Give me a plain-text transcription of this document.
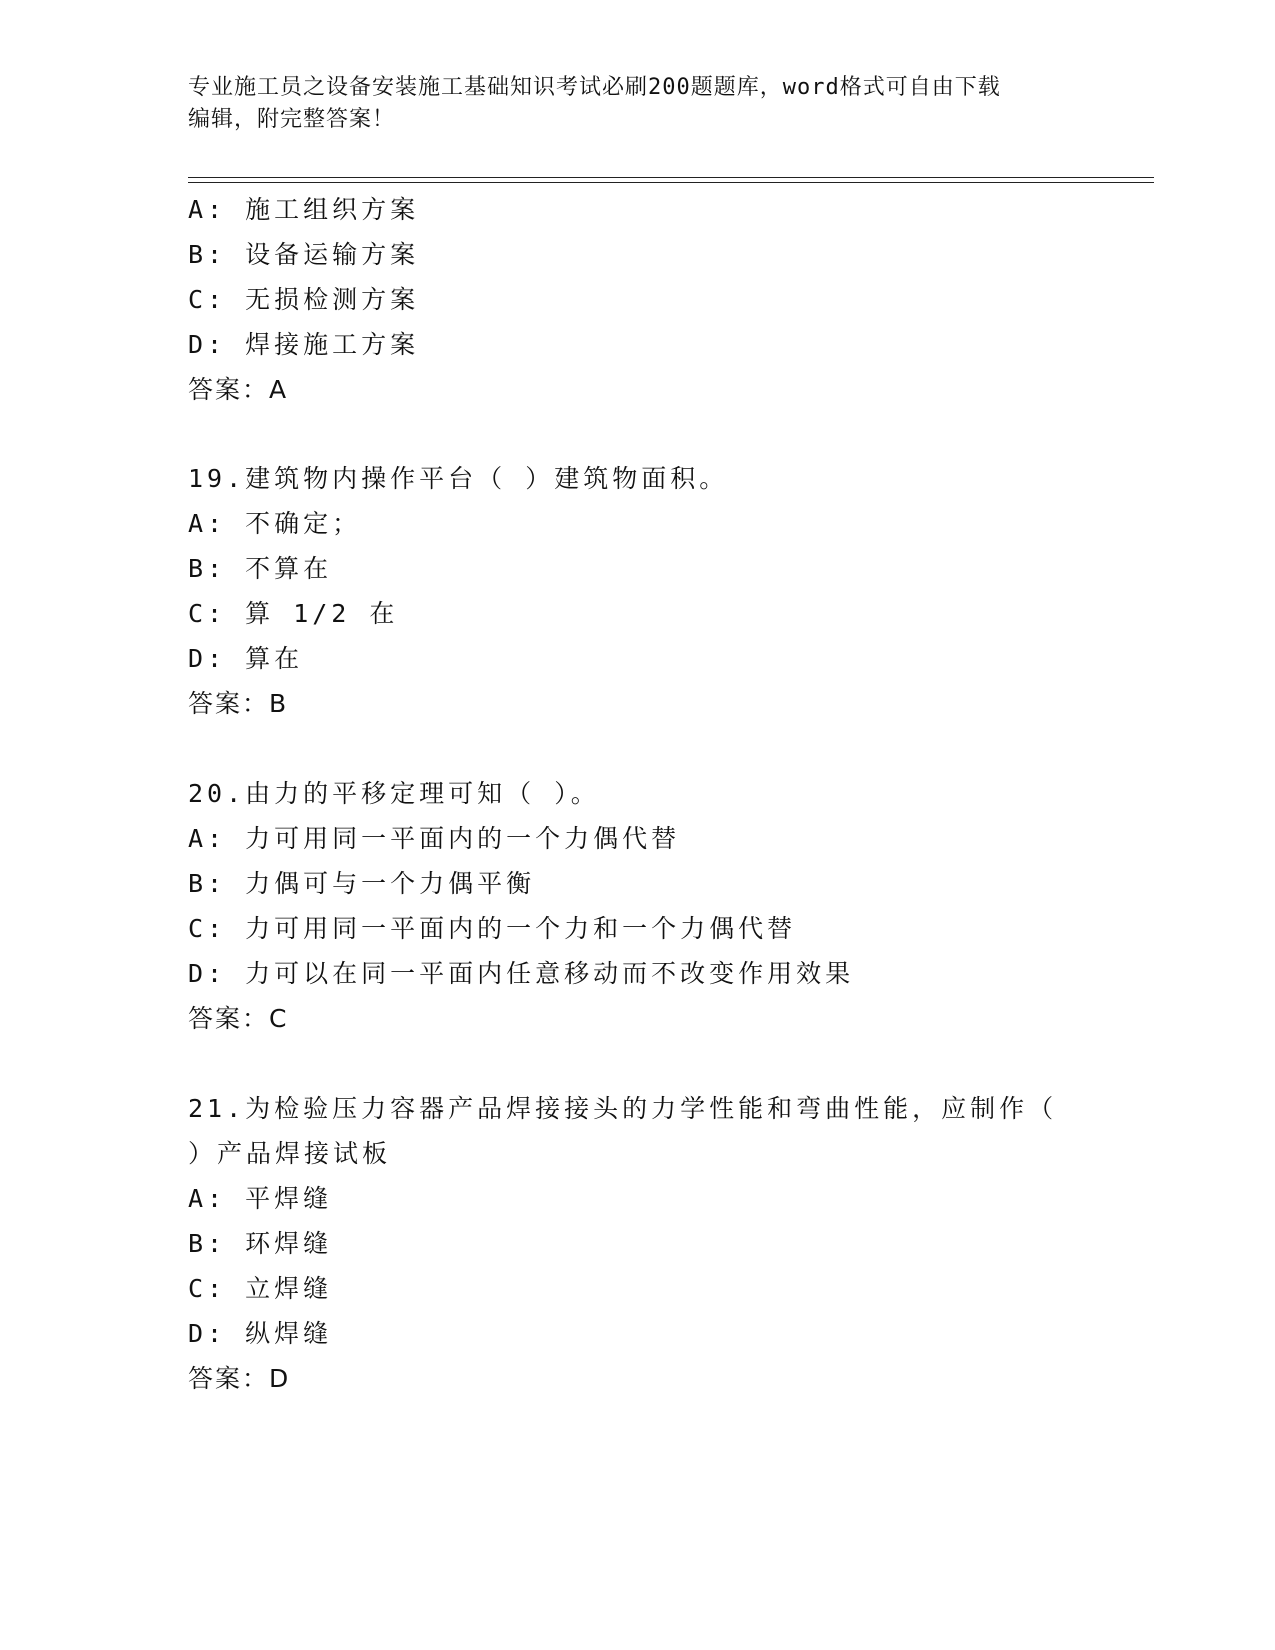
专业施工员之设备安装施工基础知识考试必刷200题题库，word格式可自由下载
编辑，附完整答案！
A: 施工组织方案
B: 设备运输方案
C: 无损检测方案
D: 焊接施工方案
答案：A
19.建筑物内操作平台（ ）建筑物面积。
A: 不确定；
B: 不算在
C: 算 1/2 在
D: 算在
答案：B
20.由力的平移定理可知（ ）。
A: 力可用同一平面内的一个力偶代替
B: 力偶可与一个力偶平衡
C: 力可用同一平面内的一个力和一个力偶代替
D: 力可以在同一平面内任意移动而不改变作用效果
答案：C
21.为检验压力容器产品焊接接头的力学性能和弯曲性能，应制作（
）产品焊接试板
A: 平焊缝
B: 环焊缝
C: 立焊缝
D: 纵焊缝
答案：D
